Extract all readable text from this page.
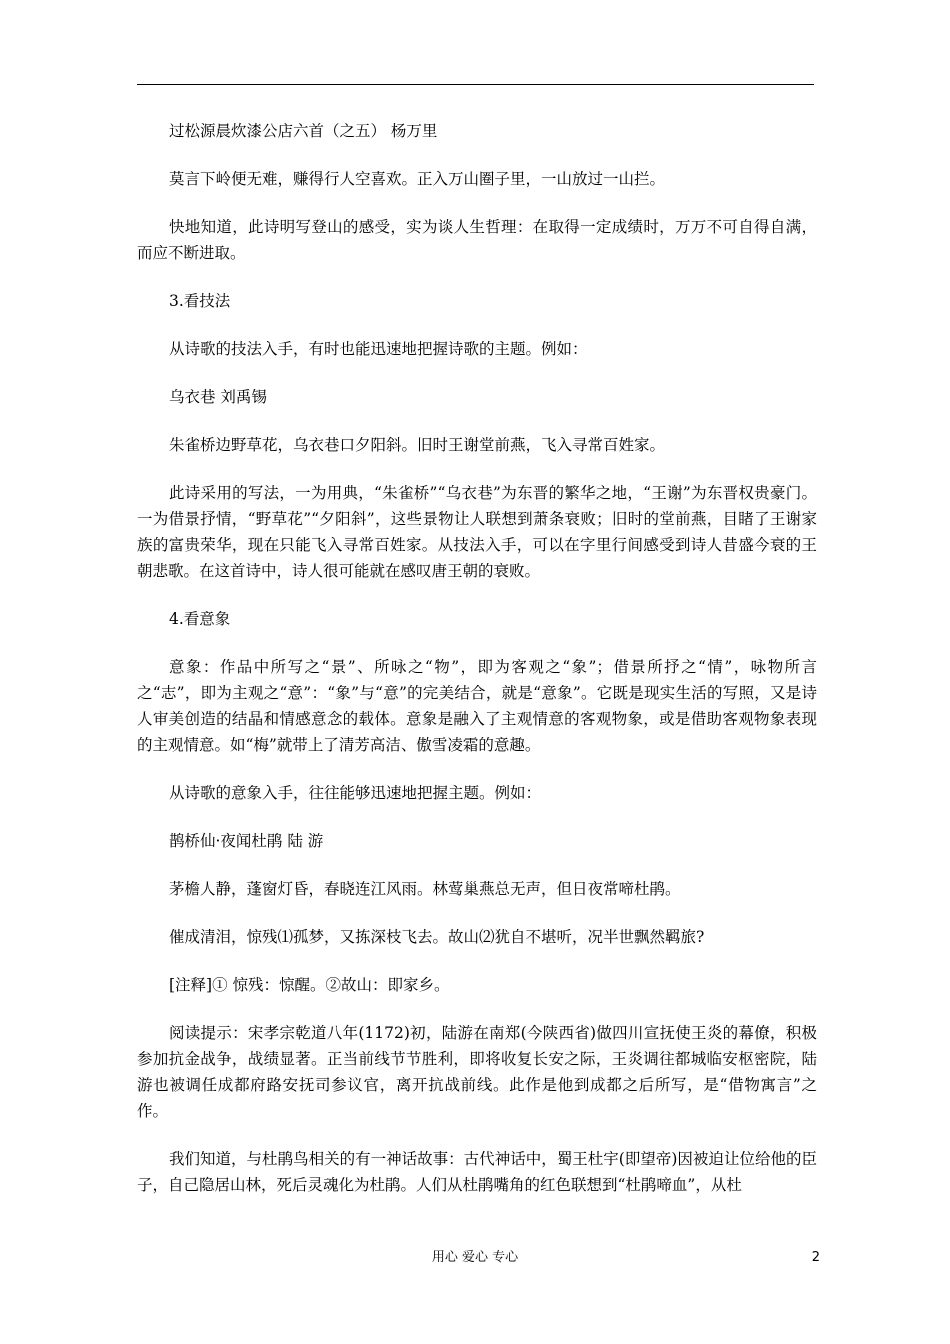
过松源晨炊漆公店六首（之五） 杨万里

莫言下岭便无难，赚得行人空喜欢。正入万山圈子里，一山放过一山拦。

快地知道，此诗明写登山的感受，实为谈人生哲理：在取得一定成绩时，万万不可自得自满，而应不断进取。

3.看技法

从诗歌的技法入手，有时也能迅速地把握诗歌的主题。例如：

乌衣巷 刘禹锡

朱雀桥边野草花，乌衣巷口夕阳斜。旧时王谢堂前燕，飞入寻常百姓家。

此诗采用的写法，一为用典，“朱雀桥”“乌衣巷”为东晋的繁华之地，“王谢”为东晋权贵豪门。一为借景抒情，“野草花”“夕阳斜”，这些景物让人联想到萧条衰败；旧时的堂前燕，目睹了王谢家族的富贵荣华，现在只能飞入寻常百姓家。从技法入手，可以在字里行间感受到诗人昔盛今衰的王朝悲歌。在这首诗中，诗人很可能就在感叹唐王朝的衰败。

4.看意象

意象：作品中所写之“景”、所咏之“物”，即为客观之“象”；借景所抒之“情”，咏物所言之“志”，即为主观之“意”：“象”与“意”的完美结合，就是“意象”。它既是现实生活的写照，又是诗人审美创造的结晶和情感意念的载体。意象是融入了主观情意的客观物象，或是借助客观物象表现的主观情意。如“梅”就带上了清芳高洁、傲雪凌霜的意趣。

从诗歌的意象入手，往往能够迅速地把握主题。例如：

鹊桥仙·夜闻杜鹃 陆 游

茅檐人静，蓬窗灯昏，春晓连江风雨。林莺巢燕总无声，但日夜常啼杜鹃。

催成清泪，惊残⑴孤梦，又拣深枝飞去。故山⑵犹自不堪听，况半世飘然羁旅?

[注释]① 惊残：惊醒。②故山：即家乡。

阅读提示：宋孝宗乾道八年(1172)初，陆游在南郑(今陕西省)做四川宣抚使王炎的幕僚，积极参加抗金战争，战绩显著。正当前线节节胜利，即将收复长安之际，王炎调往都城临安枢密院，陆游也被调任成都府路安抚司参议官，离开抗战前线。此作是他到成都之后所写，是“借物寓言”之作。

我们知道，与杜鹃鸟相关的有一神话故事：古代神话中，蜀王杜宇(即望帝)因被迫让位给他的臣子，自己隐居山林，死后灵魂化为杜鹃。人们从杜鹃嘴角的红色联想到“杜鹃啼血”，从杜

用心 爱心 专心	2
